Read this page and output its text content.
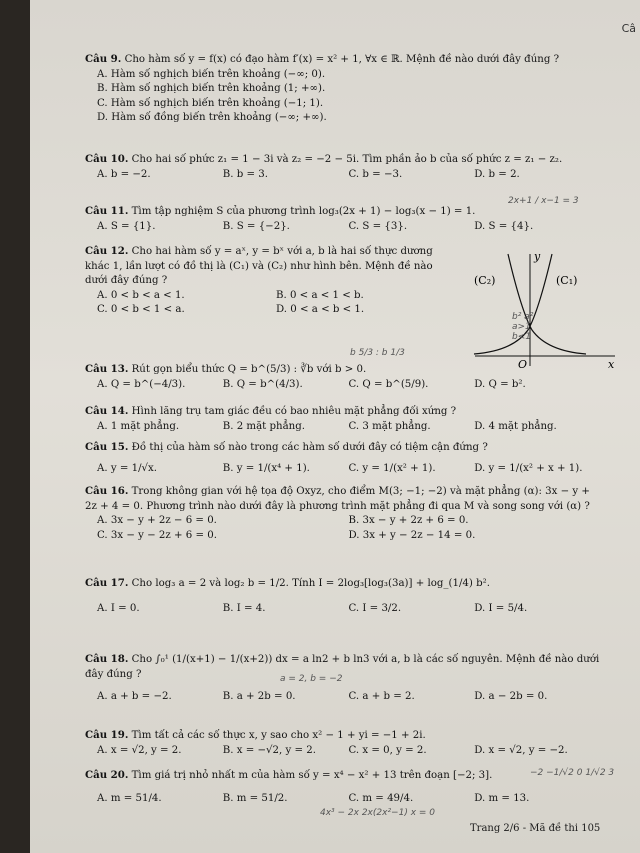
Câ
Câu 9. Cho hàm số y = f(x) có đạo hàm f′(x) = x² + 1, ∀x ∈ ℝ. Mệnh đề nào dưới đây đúng ?
A. Hàm số nghịch biến trên khoảng (−∞; 0).
B. Hàm số nghịch biến trên khoảng (1; +∞).
C. Hàm số nghịch biến trên khoảng (−1; 1).
D. Hàm số đồng biến trên khoảng (−∞; +∞).
Câu 10. Cho hai số phức z₁ = 1 − 3i và z₂ = −2 − 5i. Tìm phần ảo b của số phức z = z₁ − z₂.
A. b = −2.	B. b = 3.	C. b = −3.	D. b = 2.
Câu 11. Tìm tập nghiệm S của phương trình log₃(2x + 1) − log₃(x − 1) = 1.
A. S = {1}.	B. S = {−2}.	C. S = {3}.	D. S = {4}.
Câu 12. Cho hai hàm số y = aˣ, y = bˣ với a, b là hai số thực dương khác 1, lần lượt có đồ thị là (C₁) và (C₂) như hình bên. Mệnh đề nào dưới đây đúng ?
A. 0 < b < a < 1.	B. 0 < a < 1 < b.
C. 0 < b < 1 < a.	D. 0 < a < b < 1.
y
x
O
(C₁)
(C₂)
Câu 13. Rút gọn biểu thức Q = b^(5/3) : ∛b với b > 0.
A. Q = b^(−4/3).	B. Q = b^(4/3).	C. Q = b^(5/9).	D. Q = b².
Câu 14. Hình lăng trụ tam giác đều có bao nhiêu mặt phẳng đối xứng ?
A. 1 mặt phẳng.	B. 2 mặt phẳng.	C. 3 mặt phẳng.	D. 4 mặt phẳng.
Câu 15. Đồ thị của hàm số nào trong các hàm số dưới đây có tiệm cận đứng ?
A. y = 1/√x.	B. y = 1/(x⁴ + 1).	C. y = 1/(x² + 1).	D. y = 1/(x² + x + 1).
Câu 16. Trong không gian với hệ tọa độ Oxyz, cho điểm M(3; −1; −2) và mặt phẳng (α): 3x − y + 2z + 4 = 0. Phương trình nào dưới đây là phương trình mặt phẳng đi qua M và song song với (α) ?
A. 3x − y + 2z − 6 = 0.	B. 3x − y + 2z + 6 = 0.
C. 3x − y − 2z + 6 = 0.	D. 3x + y − 2z − 14 = 0.
Câu 17. Cho log₃ a = 2 và log₂ b = 1/2. Tính I = 2log₃[log₃(3a)] + log_(1/4) b².
A. I = 0.	B. I = 4.	C. I = 3/2.	D. I = 5/4.
Câu 18. Cho ∫₀¹ (1/(x+1) − 1/(x+2)) dx = a ln2 + b ln3 với a, b là các số nguyên. Mệnh đề nào dưới đây đúng ?
A. a + b = −2.	B. a + 2b = 0.	C. a + b = 2.	D. a − 2b = 0.
Câu 19. Tìm tất cả các số thực x, y sao cho x² − 1 + yi = −1 + 2i.
A. x = √2, y = 2.	B. x = −√2, y = 2.	C. x = 0, y = 2.	D. x = √2, y = −2.
Câu 20. Tìm giá trị nhỏ nhất m của hàm số y = x⁴ − x² + 13 trên đoạn [−2; 3].
A. m = 51/4.	B. m = 51/2.	C. m = 49/4.	D. m = 13.
2x+1 / x−1 = 3
b² a² a>1 b<1
b 5/3 : b 1/3
a = 2, b = −2
4x³ − 2x 2x(2x²−1) x = 0
−2 −1/√2 0 1/√2 3
Trang 2/6 - Mã đề thi 105
